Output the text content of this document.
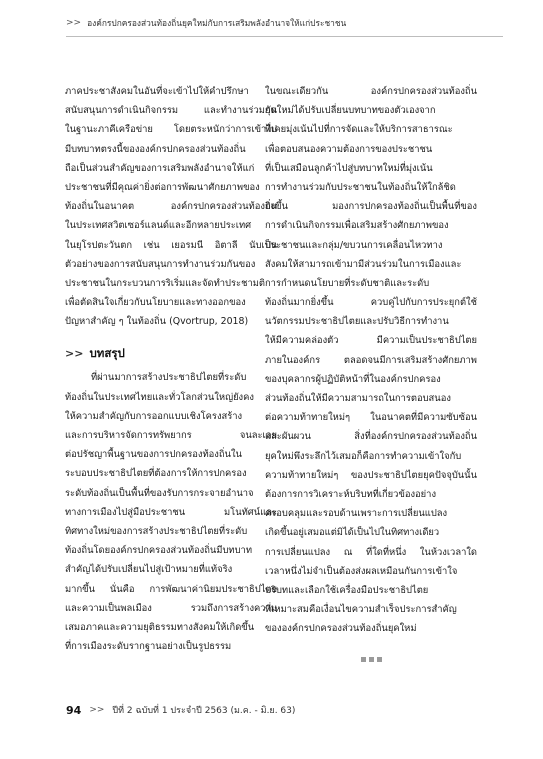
>> องค์กรปกครองส่วนท้องถิ่นยุคใหม่กับการเสริมพลังอำนาจให้แก่ประชาชน
ภาคประชาสังคมในอันที่จะเข้าไปให้คำปรึกษา
สนับสนุนการดำเนินกิจกรรม และทำงานร่วมกัน
ในฐานะภาคีเครือข่าย โดยตระหนักว่าการเข้าไป
มีบทบาทตรงนี้ขององค์กรปกครองส่วนท้องถิ่น
ถือเป็นส่วนสำคัญของการเสริมพลังอำนาจให้แก่
ประชาชนที่มีคุณค่ายิ่งต่อการพัฒนาศักยภาพของ
ท้องถิ่นในอนาคต องค์กรปกครองส่วนท้องถิ่น
ในประเทศสวิตเซอร์แลนด์และอีกหลายประเทศ
ในยุโรปตะวันตก เช่น เยอรมนี อิตาลี นับเป็น
ตัวอย่างของการสนับสนุนการทำงานร่วมกันของ
ประชาชนในกระบวนการริเริ่มและจัดทำประชามติ
เพื่อตัดสินใจเกี่ยวกับนโยบายและทางออกของ
ปัญหาสำคัญ ๆ ในท้องถิ่น (Qvortrup, 2018)
>> บทสรุป
ที่ผ่านมาการสร้างประชาธิปไตยที่ระดับ
ท้องถิ่นในประเทศไทยและทั่วโลกส่วนใหญ่ยังคง
ให้ความสำคัญกับการออกแบบเชิงโครงสร้าง
และการบริหารจัดการทรัพยากร จนละเลย
ต่อปรัชญาพื้นฐานของการปกครองท้องถิ่นใน
ระบอบประชาธิปไตยที่ต้องการให้การปกครอง
ระดับท้องถิ่นเป็นพื้นที่ของรับการกระจายอำนาจ
ทางการเมืองไปสู่มือประชาชน มโนทัศน์และ
ทิศทางใหม่ของการสร้างประชาธิปไตยที่ระดับ
ท้องถิ่นโดยองค์กรปกครองส่วนท้องถิ่นมีบทบาท
สำคัญได้ปรับเปลี่ยนไปสู่เป้าหมายที่แท้จริง
มากขึ้น นั่นคือ การพัฒนาค่านิยมประชาธิปไตย
และความเป็นพลเมือง รวมถึงการสร้างความ
เสมอภาคและความยุติธรรมทางสังคมให้เกิดขึ้น
ที่การเมืองระดับรากฐานอย่างเป็นรูปธรรม
ในขณะเดียวกัน องค์กรปกครองส่วนท้องถิ่น
ยุคใหม่ได้ปรับเปลี่ยนบทบาทของตัวเองจาก
ที่เคยมุ่งเน้นไปที่การจัดและให้บริการสาธารณะ
เพื่อตอบสนองความต้องการของประชาชน
ที่เป็นเสมือนลูกค้าไปสู่บทบาทใหม่ที่มุ่งเน้น
การทำงานร่วมกับประชาชนในท้องถิ่นให้ใกล้ชิด
ยิ่งขึ้น มองการปกครองท้องถิ่นเป็นพื้นที่ของ
การดำเนินกิจกรรมเพื่อเสริมสร้างศักยภาพของ
ประชาชนและกลุ่ม/ขบวนการเคลื่อนไหวทาง
สังคมให้สามารถเข้ามามีส่วนร่วมในการเมืองและ
การกำหนดนโยบายที่ระดับชาติและระดับ
ท้องถิ่นมากยิ่งขึ้น ควบคู่ไปกับการประยุกต์ใช้
นวัตกรรมประชาธิปไตยและปรับวิธีการทำงาน
ให้มีความคล่องตัว มีความเป็นประชาธิปไตย
ภายในองค์กร ตลอดจนมีการเสริมสร้างศักยภาพ
ของบุคลากรผู้ปฏิบัติหน้าที่ในองค์กรปกครอง
ส่วนท้องถิ่นให้มีความสามารถในการตอบสนอง
ต่อความท้าทายใหม่ๆ ในอนาคตที่มีความซับซ้อน
และผันผวน สิ่งที่องค์กรปกครองส่วนท้องถิ่น
ยุคใหม่พึงระลึกไว้เสมอก็คือการทำความเข้าใจกับ
ความท้าทายใหม่ๆ ของประชาธิปไตยยุคปัจจุบันนั้น
ต้องการการวิเคราะห์บริบทที่เกี่ยวข้องอย่าง
ครอบคลุมและรอบด้านเพราะการเปลี่ยนแปลง
เกิดขึ้นอยู่เสมอแต่มิได้เป็นไปในทิศทางเดียว
การเปลี่ยนแปลง ณ ที่ใดที่หนึ่ง ในห้วงเวลาใด
เวลาหนึ่งไม่จำเป็นต้องส่งผลเหมือนกันการเข้าใจ
บริบทและเลือกใช้เครื่องมือประชาธิปไตย
ที่เหมาะสมคือเงื่อนไขความสำเร็จประการสำคัญ
ขององค์กรปกครองส่วนท้องถิ่นยุคใหม่
94 >> ปีที่ 2 ฉบับที่ 1 ประจำปี 2563 (ม.ค. - มิ.ย. 63)
